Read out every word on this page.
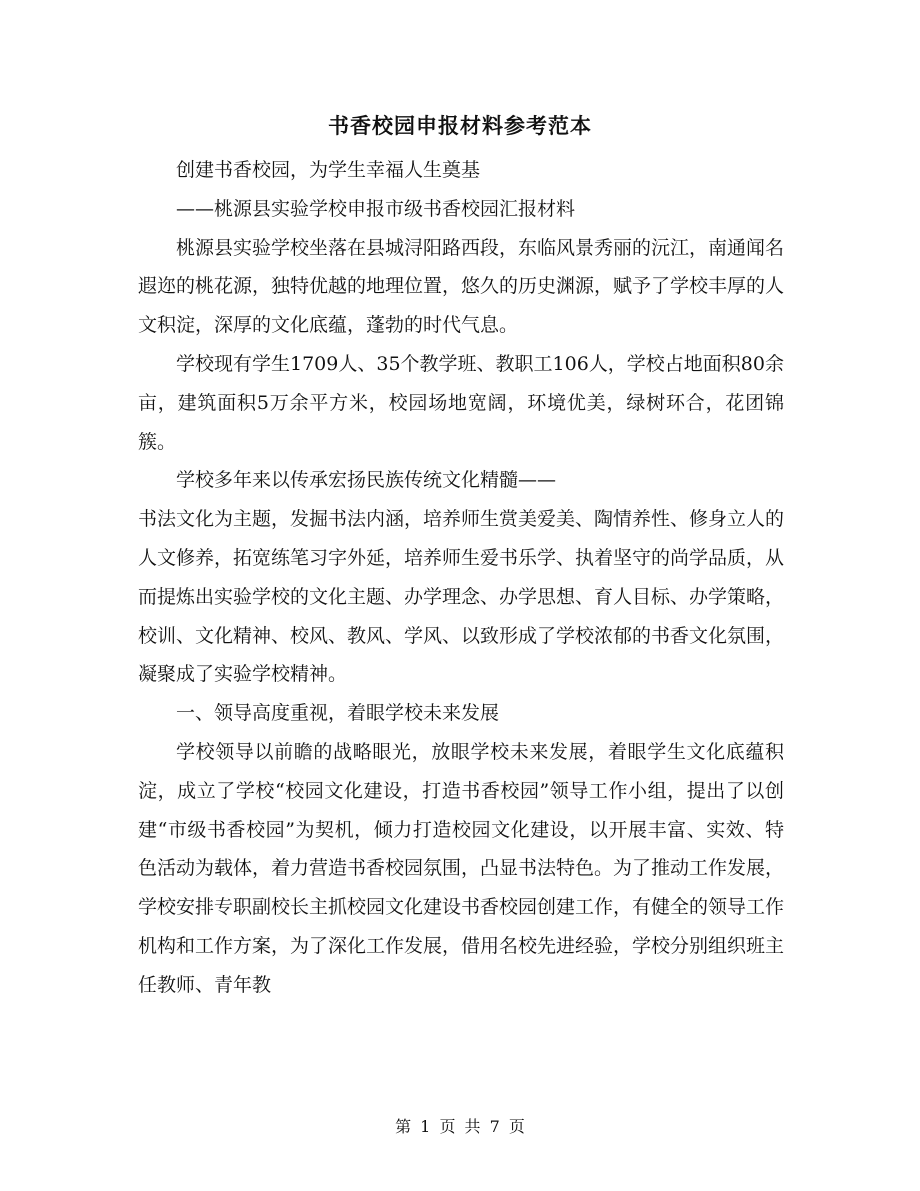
书香校园申报材料参考范本

创建书香校园，为学生幸福人生奠基

——桃源县实验学校申报市级书香校园汇报材料

桃源县实验学校坐落在县城浔阳路西段，东临风景秀丽的沅江，南通闻名遐迩的桃花源，独特优越的地理位置，悠久的历史渊源，赋予了学校丰厚的人文积淀，深厚的文化底蕴，蓬勃的时代气息。

学校现有学生1709人、35个教学班、教职工106人，学校占地面积80余亩，建筑面积5万余平方米，校园场地宽阔，环境优美，绿树环合，花团锦簇。

学校多年来以传承宏扬民族传统文化精髓——

书法文化为主题，发掘书法内涵，培养师生赏美爱美、陶情养性、修身立人的人文修养，拓宽练笔习字外延，培养师生爱书乐学、执着坚守的尚学品质，从而提炼出实验学校的文化主题、办学理念、办学思想、育人目标、办学策略，校训、文化精神、校风、教风、学风、以致形成了学校浓郁的书香文化氛围，凝聚成了实验学校精神。

一、领导高度重视，着眼学校未来发展

学校领导以前瞻的战略眼光，放眼学校未来发展，着眼学生文化底蕴积淀，成立了学校“校园文化建设，打造书香校园”领导工作小组，提出了以创建“市级书香校园”为契机，倾力打造校园文化建设，以开展丰富、实效、特色活动为载体，着力营造书香校园氛围，凸显书法特色。为了推动工作发展，学校安排专职副校长主抓校园文化建设书香校园创建工作，有健全的领导工作机构和工作方案，为了深化工作发展，借用名校先进经验，学校分别组织班主任教师、青年教

第 1 页 共 7 页
